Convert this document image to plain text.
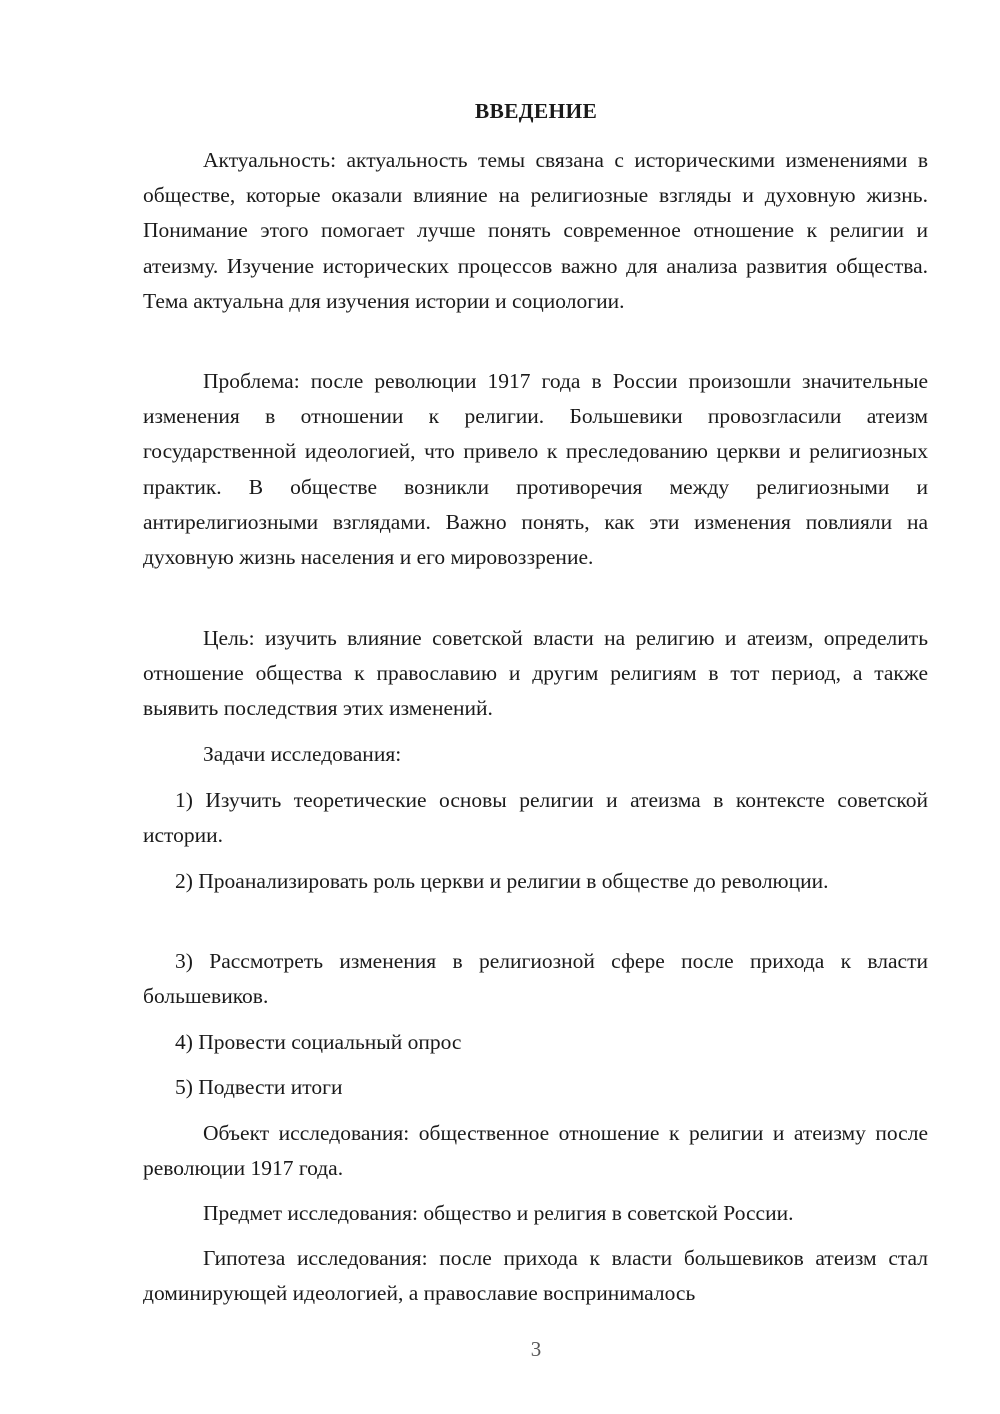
ВВЕДЕНИЕ

Актуальность: актуальность темы связана с историческими изменениями в обществе, которые оказали влияние на религиозные взгляды и духовную жизнь. Понимание этого помогает лучше понять современное отношение к религии и атеизму. Изучение исторических процессов важно для анализа развития общества. Тема актуальна для изучения истории и социологии.

Проблема: после революции 1917 года в России произошли значительные изменения в отношении к религии. Большевики провозгласили атеизм государственной идеологией, что привело к преследованию церкви и религиозных практик. В обществе возникли противоречия между религиозными и антирелигиозными взглядами. Важно понять, как эти изменения повлияли на духовную жизнь населения и его мировоззрение.

Цель: изучить влияние советской власти на религию и атеизм, определить отношение общества к православию и другим религиям в тот период, а также выявить последствия этих изменений.

Задачи исследования:

1) Изучить теоретические основы религии и атеизма в контексте советской истории.

2) Проанализировать роль церкви и религии в обществе до революции.

3) Рассмотреть изменения в религиозной сфере после прихода к власти большевиков.

4) Провести социальный опрос

5) Подвести итоги

Объект исследования: общественное отношение к религии и атеизму после революции 1917 года.

Предмет исследования: общество и религия в советской России.

Гипотеза исследования: после прихода к власти большевиков атеизм стал доминирующей идеологией, а православие воспринималось

3
